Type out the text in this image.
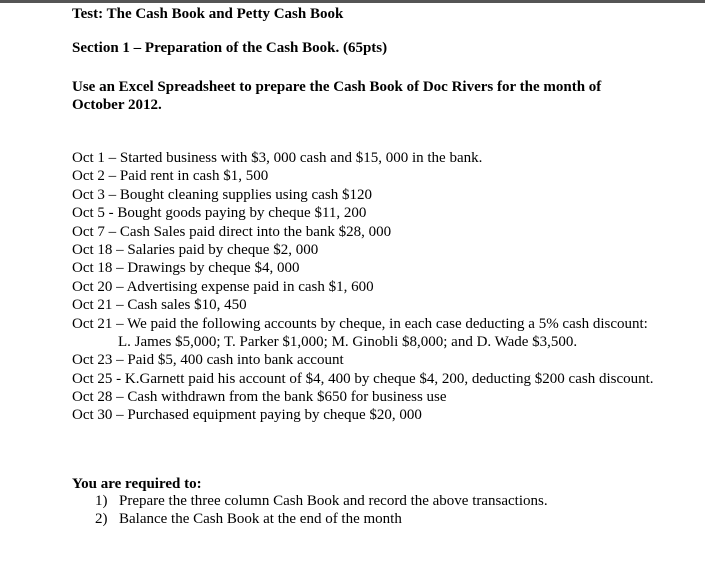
Test: The Cash Book and Petty Cash Book
Section 1 – Preparation of the Cash Book. (65pts)
Use an Excel Spreadsheet to prepare the Cash Book of Doc Rivers for the month of
October 2012.
Oct 1 – Started business with $3, 000 cash and $15, 000 in the bank.
Oct 2 – Paid rent in cash $1, 500
Oct 3 – Bought cleaning supplies using cash $120
Oct 5 - Bought goods paying by cheque $11, 200
Oct 7 – Cash Sales paid direct into the bank $28, 000
Oct 18 – Salaries paid by cheque $2, 000
Oct 18 – Drawings by cheque $4, 000
Oct 20 – Advertising expense paid in cash $1, 600
Oct 21 – Cash sales $10, 450
Oct 21 – We paid the following accounts by cheque, in each case deducting a 5% cash discount:
L. James $5,000; T. Parker $1,000; M. Ginobli $8,000; and D. Wade $3,500.
Oct 23 – Paid $5, 400 cash into bank account
Oct 25 - K.Garnett paid his account of $4, 400 by cheque $4, 200, deducting $200 cash discount.
Oct 28 – Cash withdrawn from the bank $650 for business use
Oct 30 – Purchased equipment paying by cheque $20, 000
You are required to:
1) Prepare the three column Cash Book and record the above transactions.
2) Balance the Cash Book at the end of the month
